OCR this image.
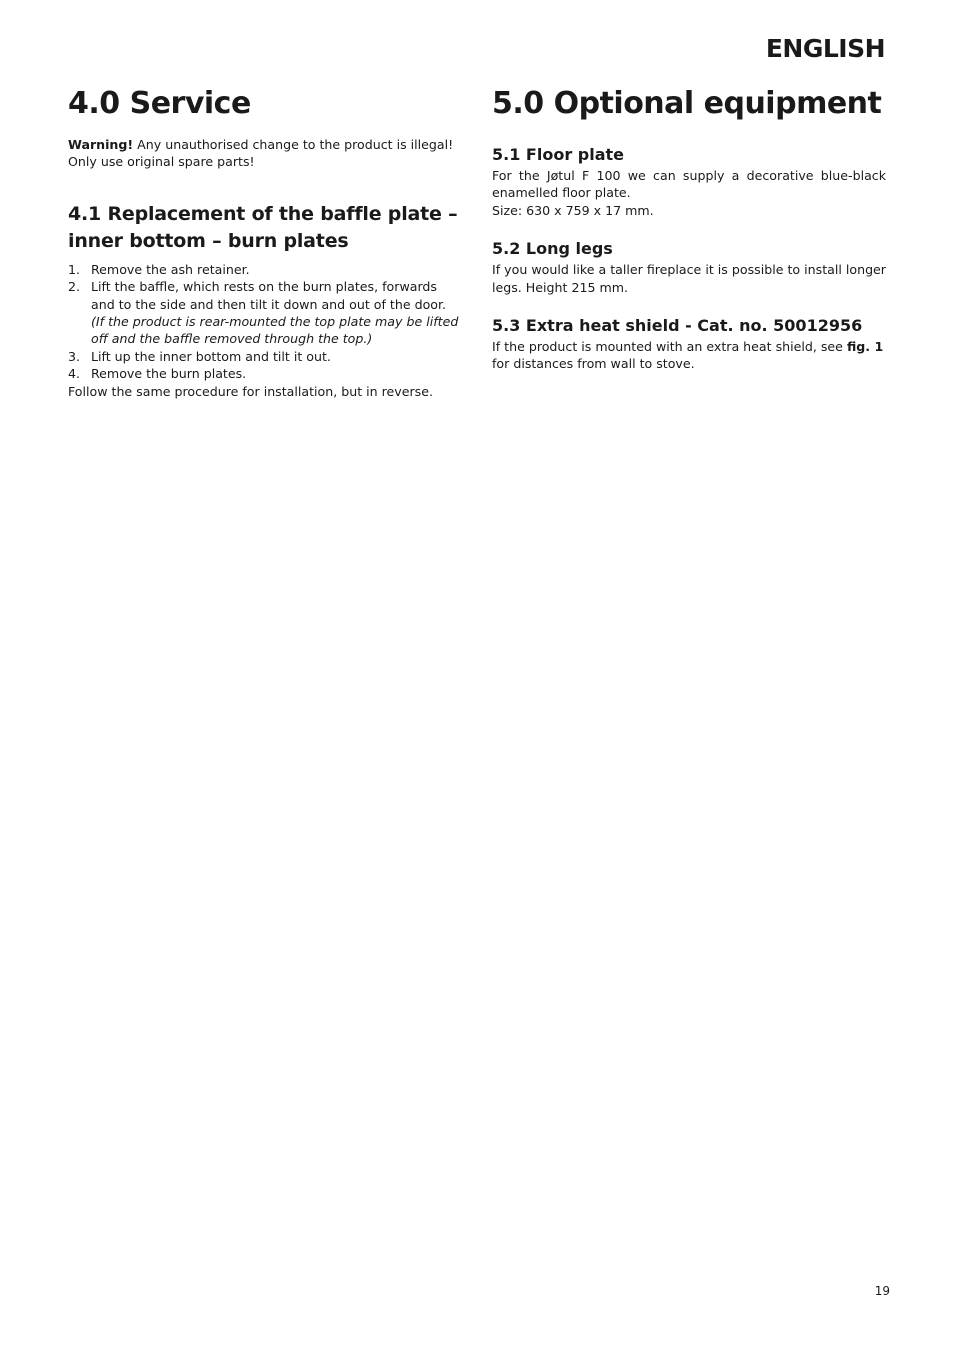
ENGLISH
4.0 Service

Warning! Any unauthorised change to the product is illegal! Only use original spare parts!

4.1 Replacement of the baffle plate – inner bottom – burn plates
1. Remove the ash retainer.
2. Lift the baffle, which rests on the burn plates, forwards and to the side and then tilt it down and out of the door. (If the product is rear-mounted the top plate may be lifted off and the baffle removed through the top.)
3. Lift up the inner bottom and tilt it out.
4. Remove the burn plates.

Follow the same procedure for installation, but in reverse.

5.0 Optional equipment
5.1 Floor plate

For the Jøtul F 100 we can supply a decorative blue-black enamelled floor plate.

Size: 630 x 759 x 17 mm.

5.2 Long legs

If you would like a taller fireplace it is possible to install longer legs. Height 215 mm.

5.3 Extra heat shield - Cat. no. 50012956

If the product is mounted with an extra heat shield, see fig. 1 for distances from wall to stove.

19
